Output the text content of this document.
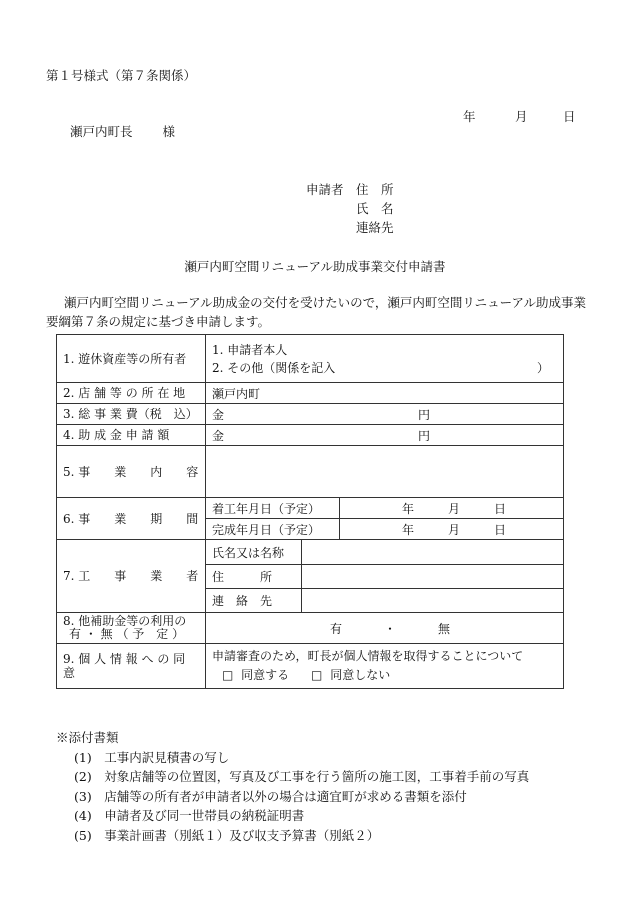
第１号様式（第７条関係）
年	月	日
瀬戸内町長 様
申請者 住　所
氏　名
連絡先
瀬戸内町空間リニューアル助成事業交付申請書
瀬戸内町空間リニューアル助成金の交付を受けたいので，瀬戸内町空間リニューアル助成事業要綱第７条の規定に基づき申請します。
1. 遊休資産等の所有者	1. 申請者本人
2. その他（関係を記入 ）		

2. 店 舗 等 の 所 在 地	瀬戸内町		
3. 総 事 業 費（税　込）	金 円		
4. 助 成 金 申 請 額	金 円		
5. 事　　業　　内　　容			
6. 事　　業　　期　　間	着工年月日（予定）		年 月 日
	完成年月日（予定）		年 月 日
7. 工　　事　　業　　者	氏名又は名称		
	住　　　所		
	連　絡　先		

8. 他補助金等の利用の
有 ・ 無 （ 予　定 ）	有 ・ 無		
9. 個 人 情 報 へ の 同 意	申請審査のため，町長が個人情報を取得することについて
□ 同意する □ 同意しない		
※添付書類
(1)　工事内訳見積書の写し
(2)　対象店舗等の位置図，写真及び工事を行う箇所の施工図，工事着手前の写真
(3)　店舗等の所有者が申請者以外の場合は適宜町が求める書類を添付
(4)　申請者及び同一世帯員の納税証明書
(5)　事業計画書（別紙１）及び収支予算書（別紙２）
